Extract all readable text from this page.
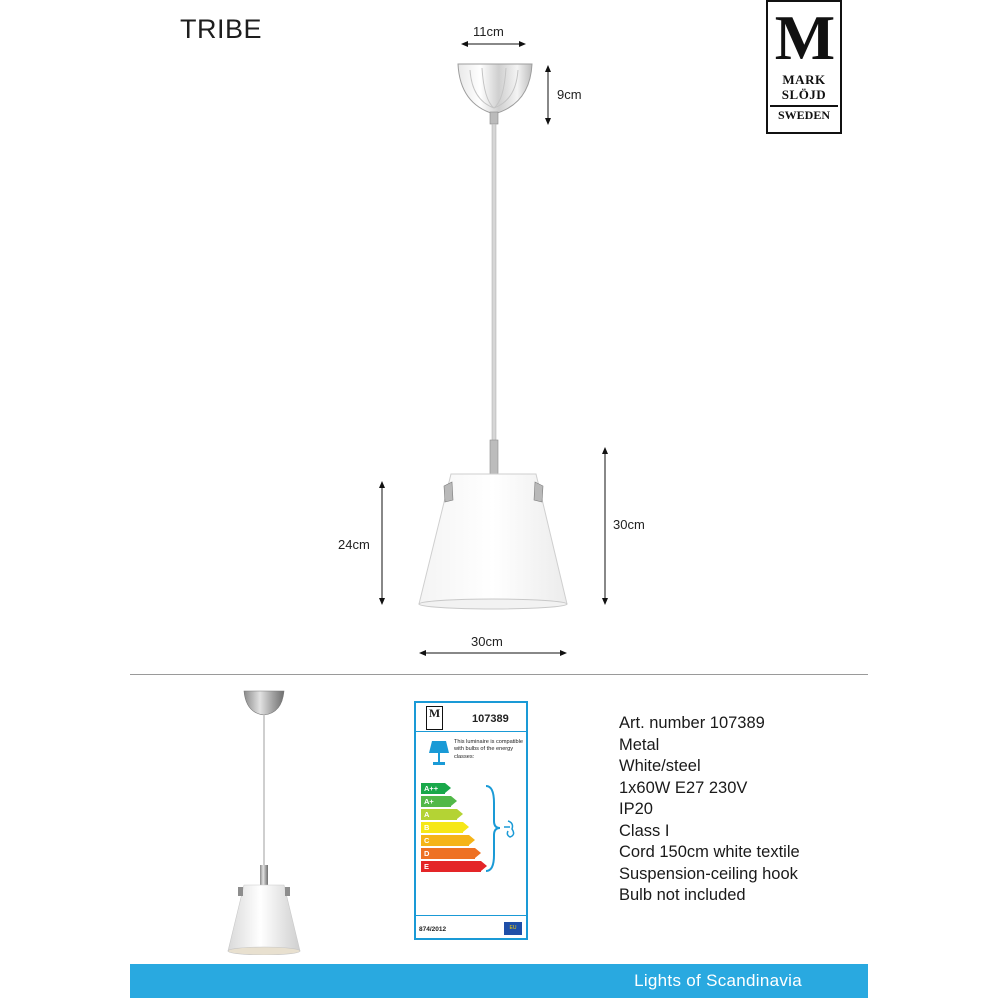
TRIBE	M
MARK
SLÖJD
SWEDEN
11cm
9cm
24cm
30cm
30cm
M	107389
This luminaire is compatible with bulbs of the energy classes:
A++
A+
A
B
C
D
E
874/2012	EU
Art. number 107389
Metal
White/steel
1x60W E27 230V
IP20
Class I
Cord 150cm white textile
Suspension-ceiling hook
Bulb not included
Lights of Scandinavia
